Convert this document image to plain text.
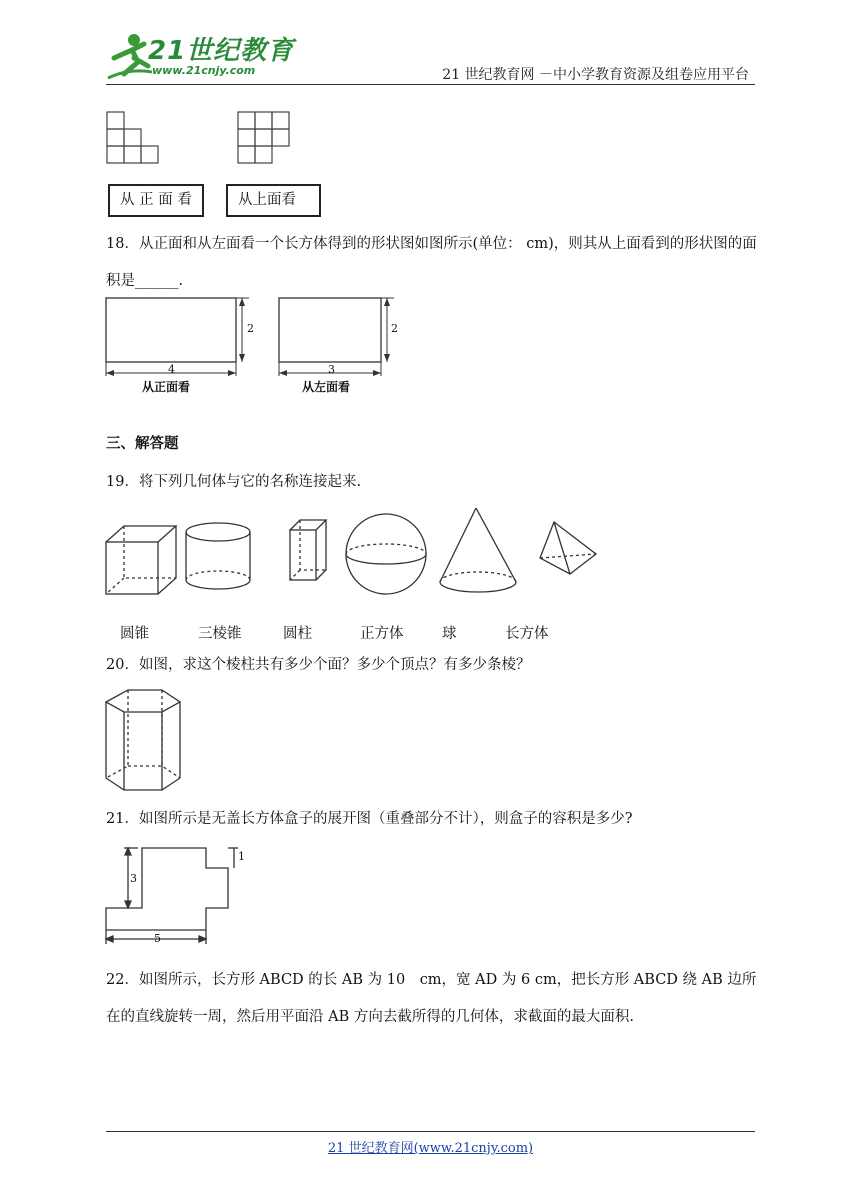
21世纪教育
www.21cnjy.com	21 世纪教育网 －中小学教育资源及组卷应用平台
从 正 面 看	从上面看
18．从正面和从左面看一个长方体得到的形状图如图所示(单位： cm)，则其从上面看到的形状图的面积是______.
4
2
从正面看
3
2
从左面看
三、解答题
19．将下列几何体与它的名称连接起来.
圆锥	三棱锥	圆柱	正方体	球	长方体
20．如图，求这个棱柱共有多少个面？多少个顶点？有多少条棱？
21．如图所示是无盖长方体盒子的展开图（重叠部分不计），则盒子的容积是多少?
3
1
5
22．如图所示，长方形 ABCD 的长 AB 为 10　cm，宽 AD 为 6 cm，把长方形 ABCD 绕 AB 边所在的直线旋转一周，然后用平面沿 AB 方向去截所得的几何体，求截面的最大面积.
21 世纪教育网(www.21cnjy.com)
